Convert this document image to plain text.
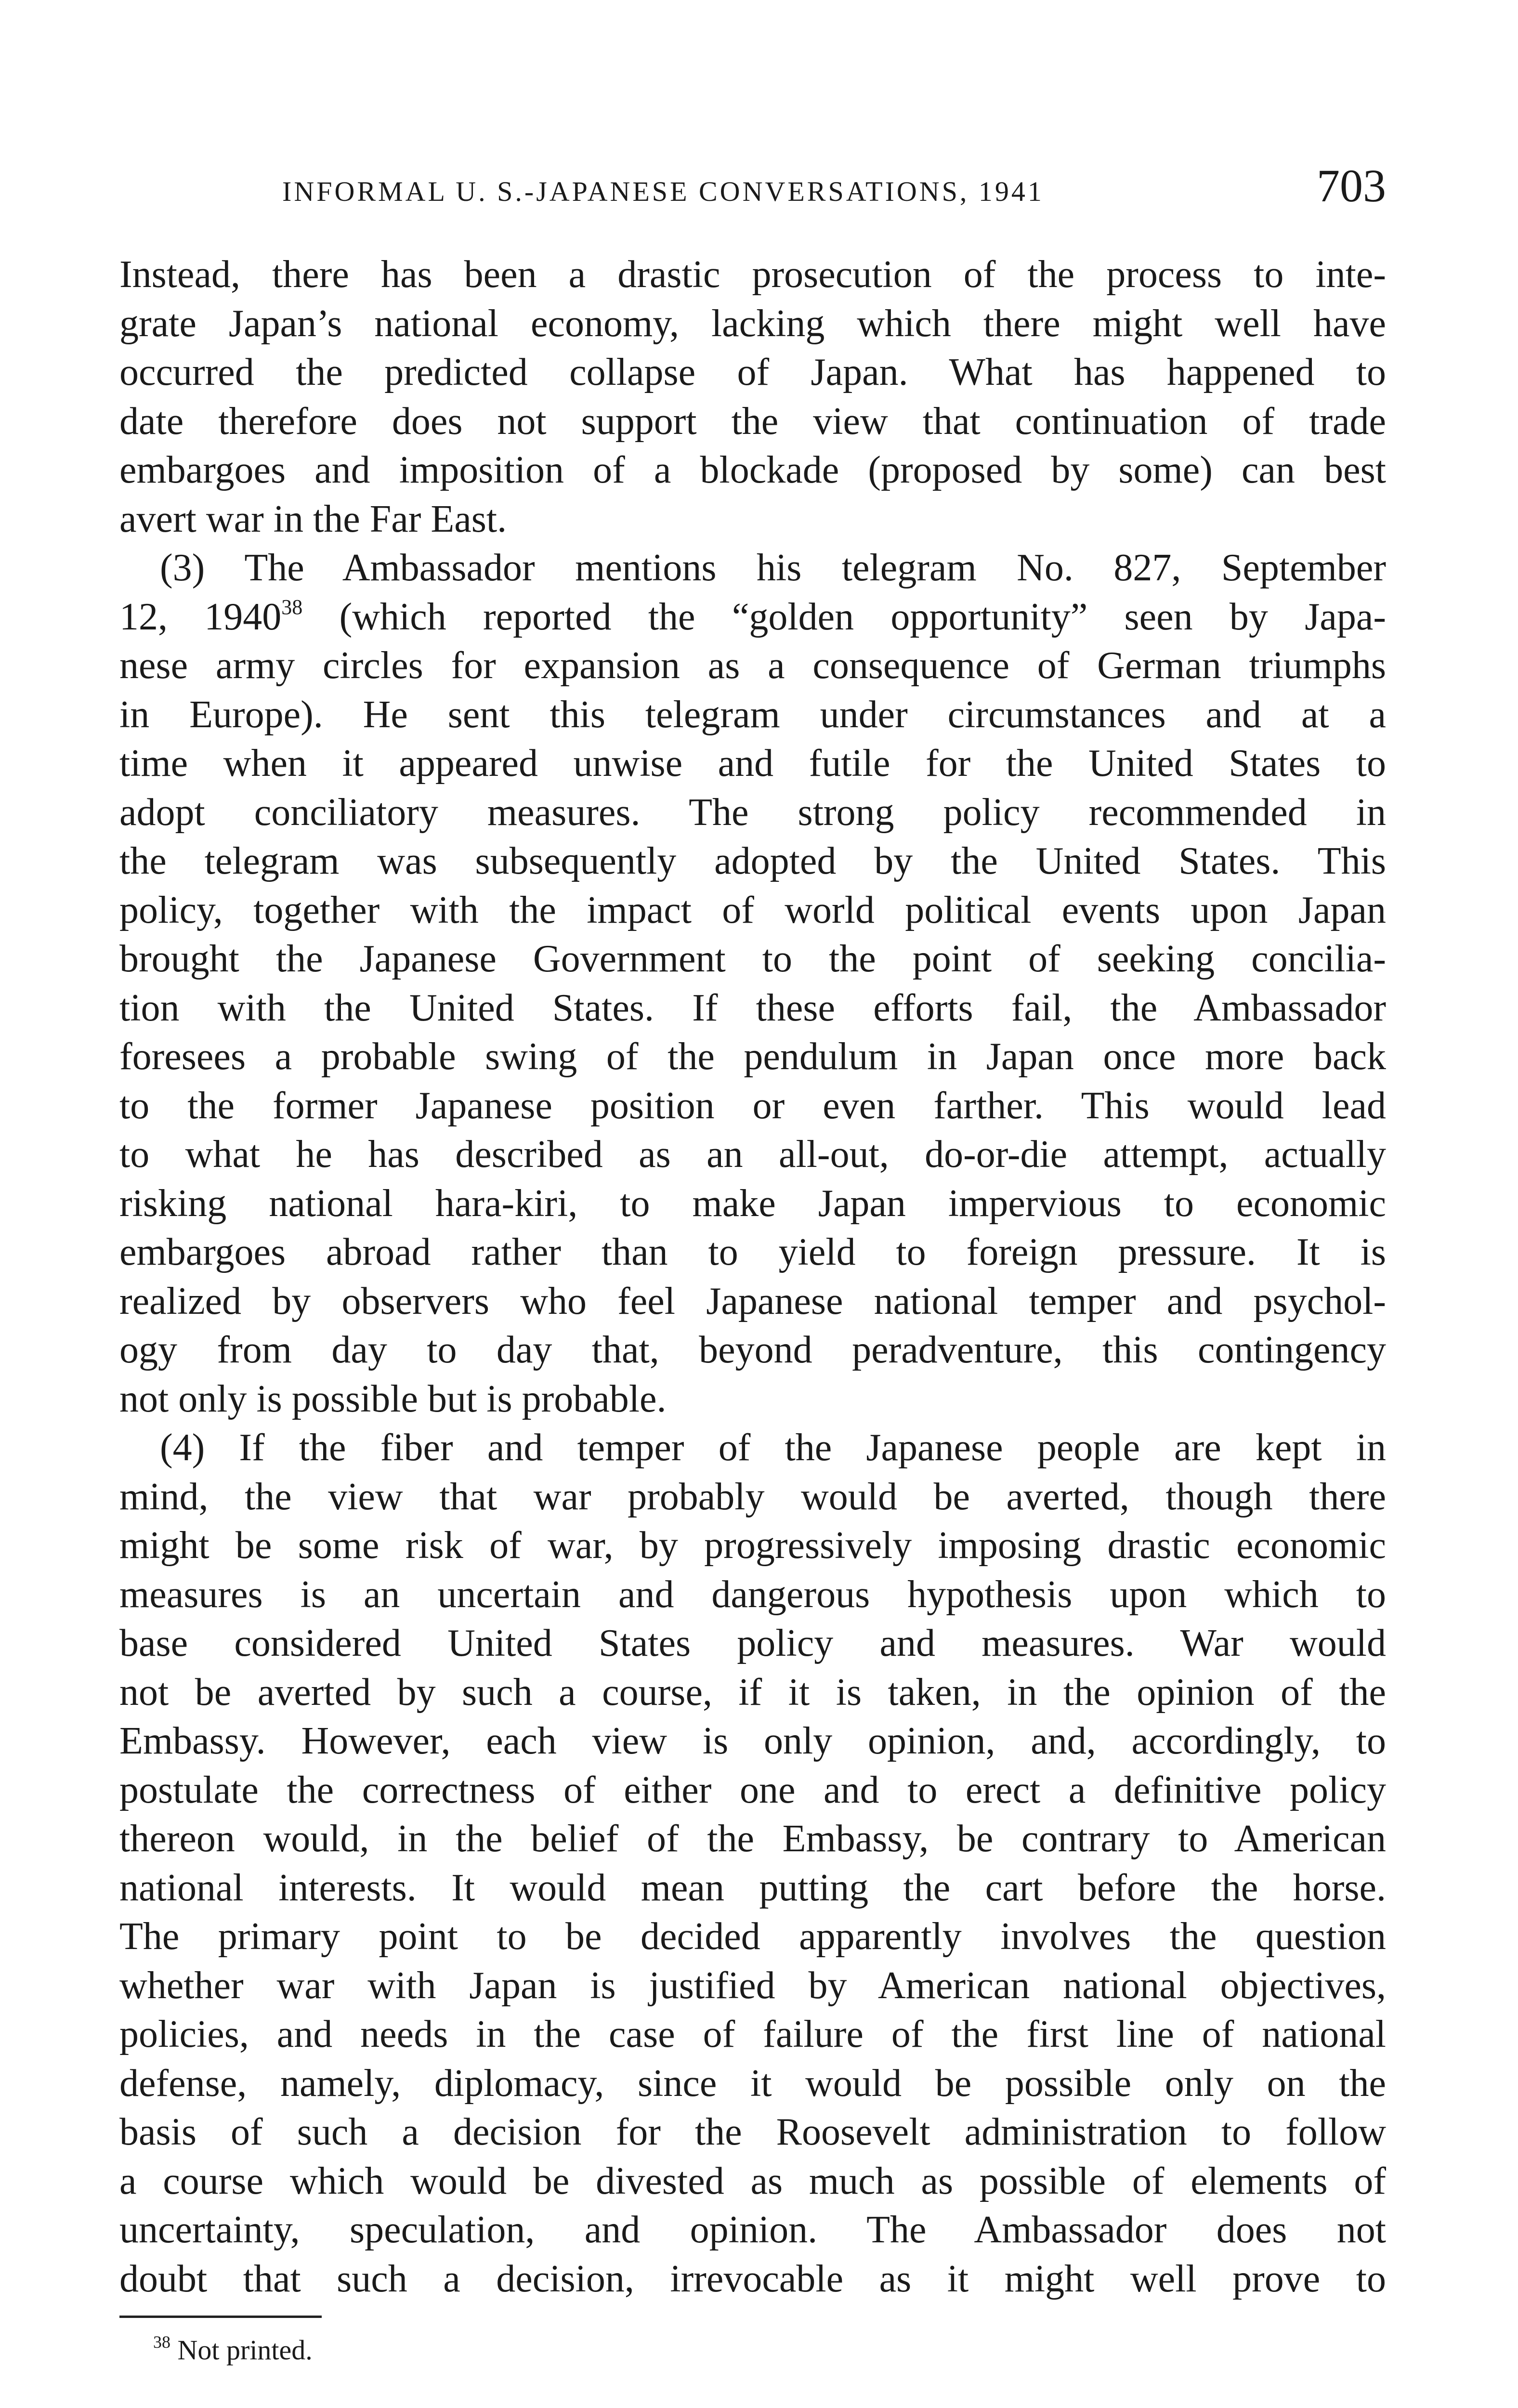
INFORMAL U. S.-JAPANESE CONVERSATIONS, 1941	703
Instead, there has been a drastic prosecution of the process to inte-
grate Japan’s national economy, lacking which there might well have
occurred the predicted collapse of Japan. What has happened to
date therefore does not support the view that continuation of trade
embargoes and imposition of a blockade (proposed by some) can best
avert war in the Far East.
(3) The Ambassador mentions his telegram No. 827, September
12, 1940$^{38}$ (which reported the “golden opportunity” seen by Japa-
nese army circles for expansion as a consequence of German triumphs
in Europe). He sent this telegram under circumstances and at a
time when it appeared unwise and futile for the United States to
adopt conciliatory measures. The strong policy recommended in
the telegram was subsequently adopted by the United States. This
policy, together with the impact of world political events upon Japan
brought the Japanese Government to the point of seeking concilia-
tion with the United States. If these efforts fail, the Ambassador
foresees a probable swing of the pendulum in Japan once more back
to the former Japanese position or even farther. This would lead
to what he has described as an all-out, do-or-die attempt, actually
risking national hara-kiri, to make Japan impervious to economic
embargoes abroad rather than to yield to foreign pressure. It is
realized by observers who feel Japanese national temper and psychol-
ogy from day to day that, beyond peradventure, this contingency
not only is possible but is probable.
(4) If the fiber and temper of the Japanese people are kept in
mind, the view that war probably would be averted, though there
might be some risk of war, by progressively imposing drastic economic
measures is an uncertain and dangerous hypothesis upon which to
base considered United States policy and measures. War would
not be averted by such a course, if it is taken, in the opinion of the
Embassy. However, each view is only opinion, and, accordingly, to
postulate the correctness of either one and to erect a definitive policy
thereon would, in the belief of the Embassy, be contrary to American
national interests. It would mean putting the cart before the horse.
The primary point to be decided apparently involves the question
whether war with Japan is justified by American national objectives,
policies, and needs in the case of failure of the first line of national
defense, namely, diplomacy, since it would be possible only on the
basis of such a decision for the Roosevelt administration to follow
a course which would be divested as much as possible of elements of
uncertainty, speculation, and opinion. The Ambassador does not
doubt that such a decision, irrevocable as it might well prove to
$^{38}$ Not printed.
